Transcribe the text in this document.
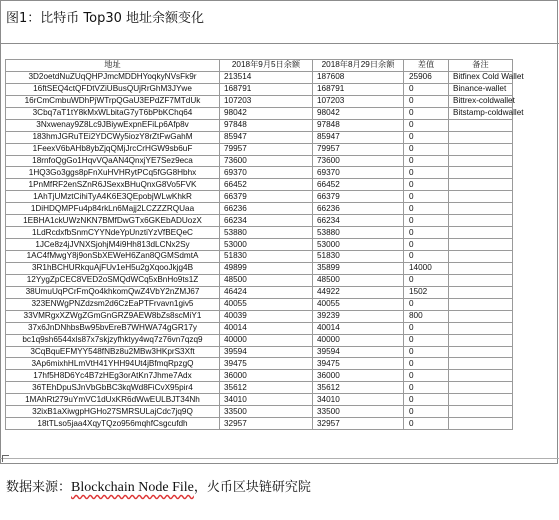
图1：比特币 Top30 地址余额变化
地址	2018年9月5日余额	2018年8月29日余额	差值	备注
3D2oetdNuZUqQHPJmcMDDHYoqkyNVsFk9r	213514	187608	25906	Bitfinex Cold Wallet
16ftSEQ4ctQFDtVZiUBusQUjRrGhM3JYwe	168791	168791	0	Binance-wallet
16rCmCmbuWDhPjWTrpQGaU3EPdZF7MTdUk	107203	107203	0	Bittrex-coldwallet
3Cbq7aT1tY8kMxWLbitaG7yT6bPbKChq64	98042	98042	0	Bitstamp-coldwallet
3Nxwenay9Z8Lc9JBiywExpnEFiLp6Afp8v	97848	97848	0	
183hmJGRuTEi2YDCWy5iozY8rZtFwGahM	85947	85947	0	
1FeexV6bAHb8ybZjqQMjJrcCrHGW9sb6uF	79957	79957	0	
18rnfoQgGo1HqvVQaAN4QnxjYE7Sez9eca	73600	73600	0	
1HQ3Go3ggs8pFnXuHVHRytPCq5fGG8Hbhx	69370	69370	0	
1PnMfRF2enSZnR6JSexxBHuQnxG8Vo5FVK	66452	66452	0	
1AhTjUMztCihiTyA4K6E3QEpobjWLwKhkR	66379	66379	0	
1DiHDQMPFu4p84rkLn6Majj2LCZZZRQUaa	66236	66236	0	
1EBHA1ckUWzNKN7BMfDwGTx6GKEbADUozX	66234	66234	0	
1LdRcdxfbSnmCYYNdeYpUnztiYzVfBEQeC	53880	53880	0	
1JCe8z4jJVNXSjohjM4i9Hh813dLCNx2Sy	53000	53000	0	
1AC4fMwgY8j9onSbXEWeH6Zan8QGMSdmtA	51830	51830	0	
3R1hBCHURkquAjFUv1eH5u2gXqooJkjg4B	49899	35899	14000	
12YygZpCEC8VED2oSMQdWCq5xBnHo9ts1Z	48500	48500	0	
38UmuUqPCrFmQo4khkomQwZ4VbY2nZMJ67	46424	44922	1502	
323ENWgPNZdzsm2d6CzEaPTFrvavn1giv5	40055	40055	0	
33VMRgxXZWgZGmGnGRZ9AEW8bZs8scMiY1	40039	39239	800	
37x6JnDNhbsBw95bvEreB7WHWA74gGR17y	40014	40014	0	
bc1q9sh6544xls87x7skjzyfhktyy4wq7z76vn7qzq9	40000	40000	0	
3CqBquEFMYY548fNBz8u2MBw3HKprS3Xft	39594	39594	0	
3Ap6mixhHLmVtH41YHH94Ut4jBfmqRpzgQ	39475	39475	0	
17hf5H8D6Yc4B7zHEg3orAtKn7Jhme7Adx	36000	36000	0	
36TEhDpuSJnVbGbBC3kqWd8FiCvX95pir4	35612	35612	0	
1MAhRt279uYmVC1dUxKR6dWwEULBJT34Nh	34010	34010	0	
32ixB1aXiwgpHGHo27SMRSULajCdc7jq9Q	33500	33500	0	
18tTLso5jaa4XqyTQzo956mqhfCsgcufdh	32957	32957	0	
数据来源：Blockchain Node File，火币区块链研究院
